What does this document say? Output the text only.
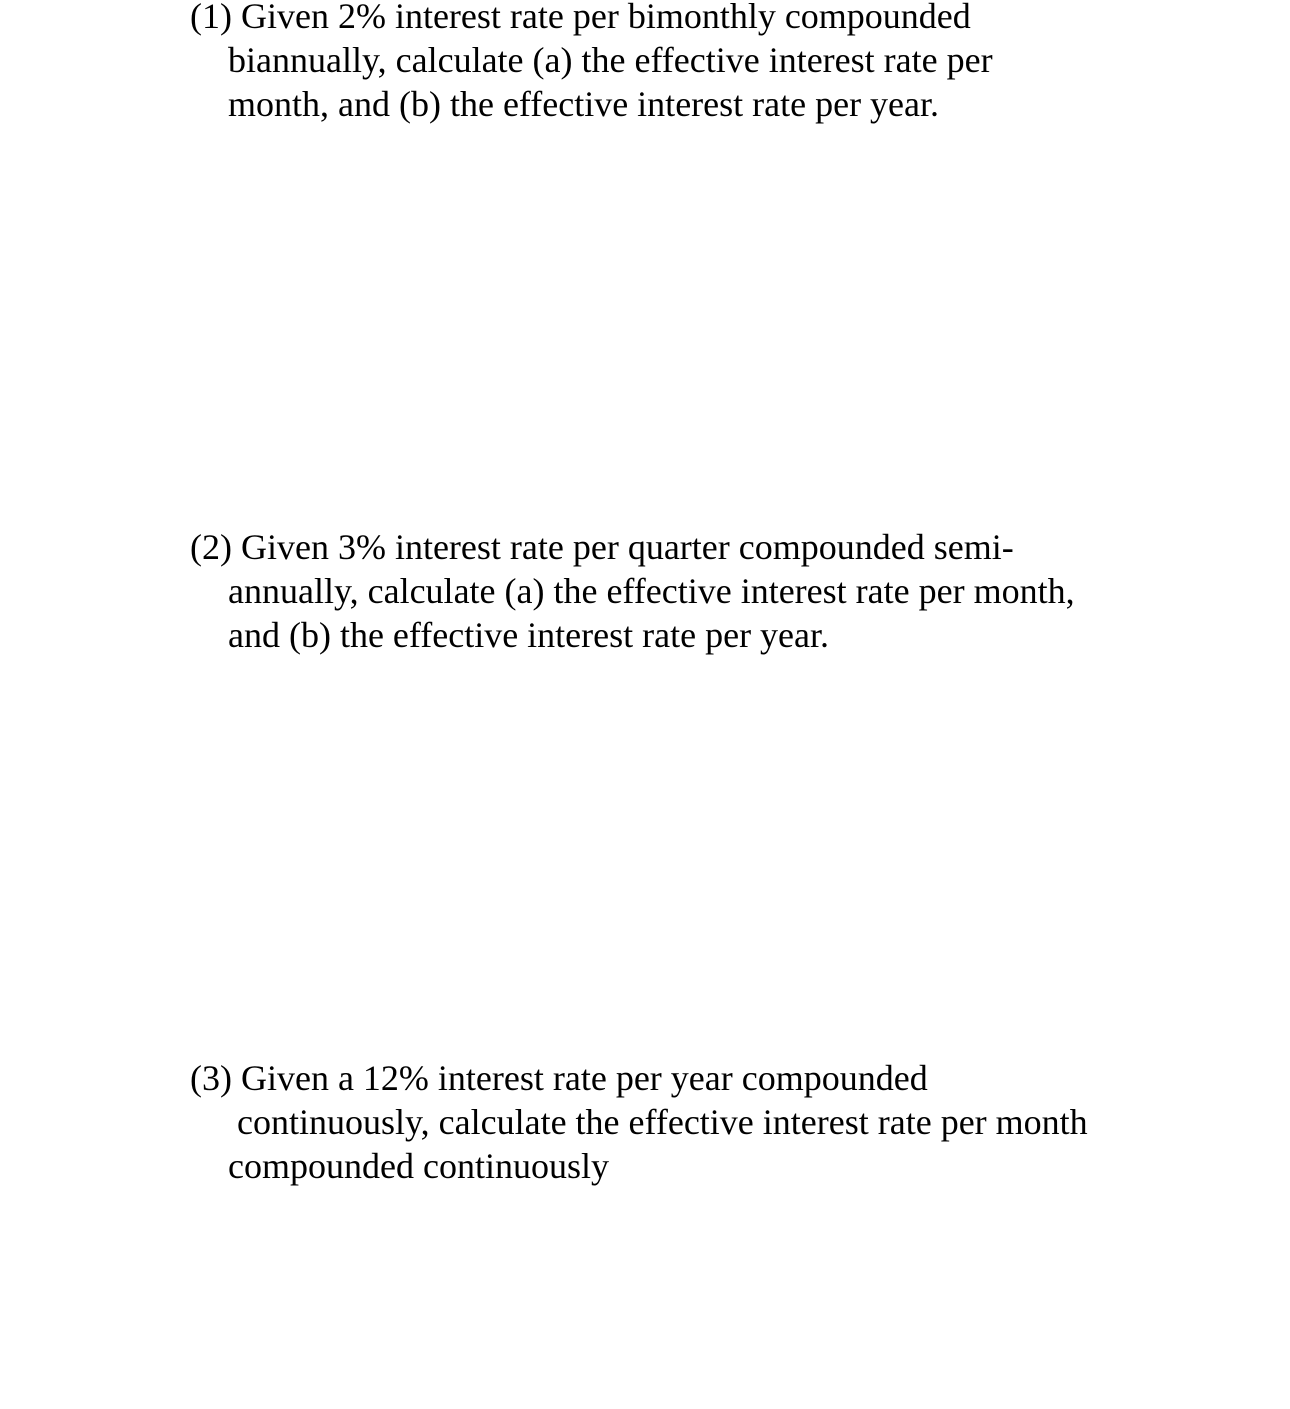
(1) Given 2% interest rate per bimonthly compounded
biannually, calculate (a) the effective interest rate per
month, and (b) the effective interest rate per year.

(2) Given 3% interest rate per quarter compounded semi-
annually, calculate (a) the effective interest rate per month,
and (b) the effective interest rate per year.

(3) Given a 12% interest rate per year compounded
continuously, calculate the effective interest rate per month
compounded continuously
